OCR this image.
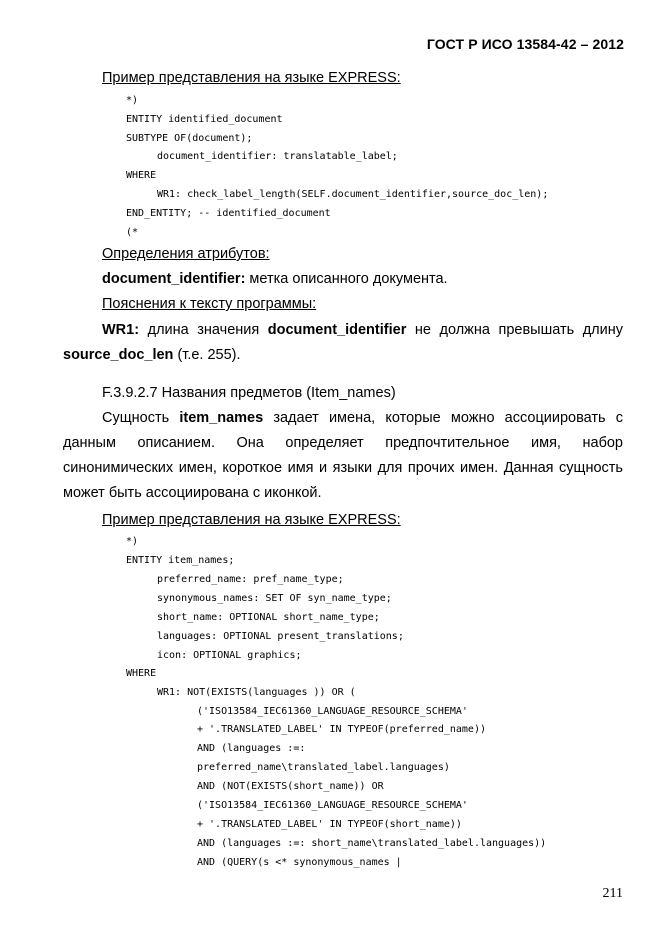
ГОСТ Р ИСО 13584-42 – 2012
Пример представления на языке EXPRESS:
*)
ENTITY identified_document
SUBTYPE OF(document);
document_identifier: translatable_label;
WHERE
WR1: check_label_length(SELF.document_identifier,source_doc_len);
END_ENTITY; -- identified_document
(*
Определения атрибутов:
document_identifier: метка описанного документа.
Пояснения к тексту программы:

WR1: длина значения document_identifier не должна превышать длину source_doc_len (т.е. 255).

F.3.9.2.7 Названия предметов (Item_names)

Сущность item_names задает имена, которые можно ассоциировать с данным описанием. Она определяет предпочтительное имя, набор синонимических имен, короткое имя и языки для прочих имен. Данная сущность может быть ассоциирована с иконкой.

Пример представления на языке EXPRESS:
*)
ENTITY item_names;
preferred_name: pref_name_type;
synonymous_names: SET OF syn_name_type;
short_name: OPTIONAL short_name_type;
languages: OPTIONAL present_translations;
icon: OPTIONAL graphics;
WHERE
WR1: NOT(EXISTS(languages )) OR (
('ISO13584_IEC61360_LANGUAGE_RESOURCE_SCHEMA'
+ '.TRANSLATED_LABEL' IN TYPEOF(preferred_name))
AND (languages :=:
preferred_name\translated_label.languages)
AND (NOT(EXISTS(short_name)) OR
('ISO13584_IEC61360_LANGUAGE_RESOURCE_SCHEMA'
+ '.TRANSLATED_LABEL' IN TYPEOF(short_name))
AND (languages :=: short_name\translated_label.languages))
AND (QUERY(s <* synonymous_names |
211
